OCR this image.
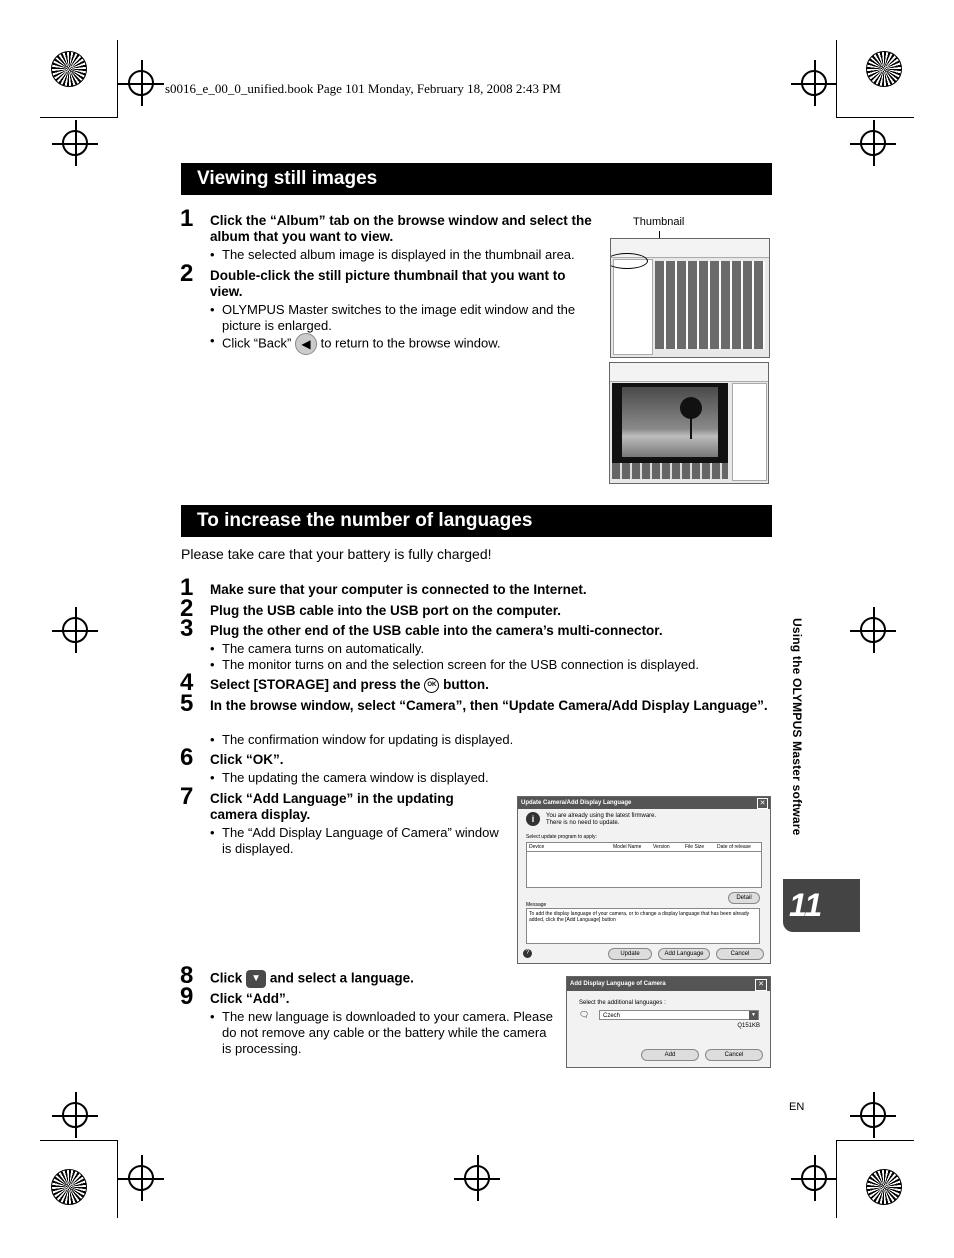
s0016_e_00_0_unified.book Page 101 Monday, February 18, 2008 2:43 PM
Viewing still images
1 Click the “Album” tab on the browse window and select the album that you want to view.
• The selected album image is displayed in the thumbnail area.
2 Double-click the still picture thumbnail that you want to view.
• OLYMPUS Master switches to the image edit window and the picture is enlarged.
• Click “Back” ◀ to return to the browse window.
Thumbnail
To increase the number of languages
Please take care that your battery is fully charged!
1 Make sure that your computer is connected to the Internet.
2 Plug the USB cable into the USB port on the computer.
3 Plug the other end of the USB cable into the camera’s multi-connector.
• The camera turns on automatically.
• The monitor turns on and the selection screen for the USB connection is displayed.
4 Select [STORAGE] and press the OK button.
5 In the browse window, select “Camera”, then “Update Camera/Add Display Language”.
• The confirmation window for updating is displayed.
6 Click “OK”.
• The updating the camera window is displayed.
7 Click “Add Language” in the updating camera display.
• The “Add Display Language of Camera” window is displayed.
Update Camera/Add Display Language	✕
i	You are already using the latest firmware.
There is no need to update.
Select update program to apply:
Device	Model Name	Version	File Size	Date of release
Detail
Message
To add the display language of your camera, or to change a display language that has been already added, click the [Add Language] button
?	Update	Add Language	Cancel
8 Click ▼ and select a language.
9 Click “Add”.
• The new language is downloaded to your camera. Please do not remove any cable or the battery while the camera is processing.
Add Display Language of Camera	✕
Select the additional languages :
🗨	Czech	▼
Q151KB
Add	Cancel
Using the OLYMPUS Master software
11
EN
